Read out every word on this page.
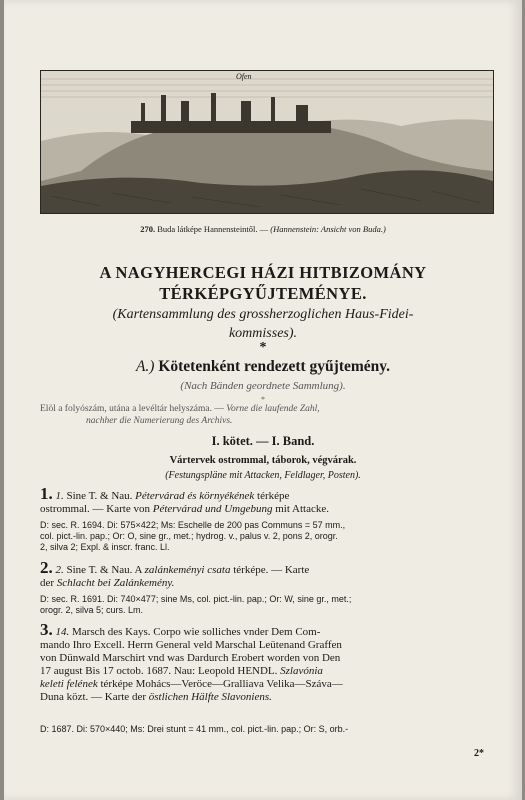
Ofen
270. Buda látképe Hannensteintől. — (Hannenstein: Ansicht von Buda.)
A NAGYHERCEGI HÁZI HITBIZOMÁNY
TÉRKÉPGYŰJTEMÉNYE.
(Kartensammlung des grossherzoglichen Haus-Fidei-
kommisses).
*
A.) Kötetenként rendezett gyűjtemény.
(Nach Bänden geordnete Sammlung).
*
Elöl a folyószám, utána a levéltár helyszáma. — Vorne die laufende Zahl,
nachher die Numerierung des Archivs.
I. kötet. — I. Band.
Vártervek ostrommal, táborok, végvárak.
(Festungspläne mit Attacken, Feldlager, Posten).
1. 1. Sine T. & Nau. Pétervárad és környékének térképe
ostrommal. — Karte von Pétervárad und Umgebung mit Attacke.
D: sec. R. 1694. Di: 575×422; Ms: Eschelle de 200 pas Communs = 57 mm.,
col. pict.-lin. pap.; Or: O, sine gr., met.; hydrog. v., palus v. 2, pons 2, orogr.
2, silva 2; Expl. & inscr. franc. Ll.
2. 2. Sine T. & Nau. A zalánkeményi csata térképe. — Karte
der Schlacht bei Zalánkemény.
D: sec. R. 1691. Di: 740×477; sine Ms, col. pict.-lin. pap.; Or: W, sine gr., met.;
orogr. 2, silva 5; curs. Lm.
3. 14. Marsch des Kays. Corpo wie solliches vnder Dem Com-
mando Ihro Excell. Herrn General veld Marschal Leütenand Graffen
von Dünwald Marschirt vnd was Dardurch Erobert worden von Den
17 august Bis 17 octob. 1687. Nau: Leopold HENDL. Szlavónia
keleti felének térképe Mohács—Veröce—Gralliava Velika—Száva—
Duna közt. — Karte der östlichen Hälfte Slavoniens.
D: 1687. Di: 570×440; Ms: Drei stunt = 41 mm., col. pict.-lin. pap.; Or: S, orb.-
2*
